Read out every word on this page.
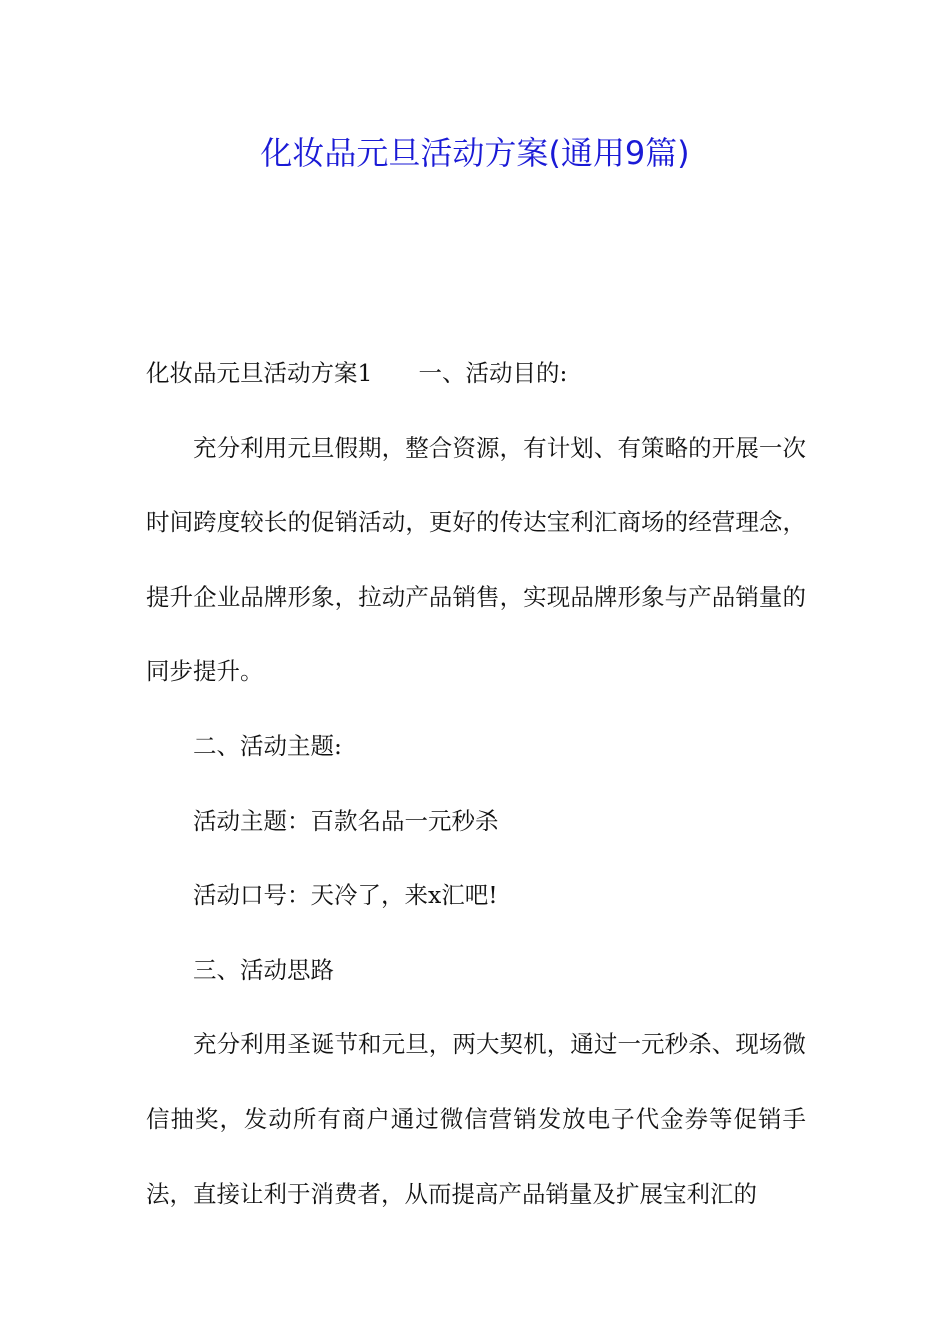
化妆品元旦活动方案(通用9篇)

化妆品元旦活动方案1 一、活动目的:

充分利用元旦假期，整合资源，有计划、有策略的开展一次时间跨度较长的促销活动，更好的传达宝利汇商场的经营理念，提升企业品牌形象，拉动产品销售，实现品牌形象与产品销量的同步提升。

二、活动主题:

活动主题：百款名品一元秒杀

活动口号：天冷了，来x汇吧!

三、活动思路

充分利用圣诞节和元旦，两大契机，通过一元秒杀、现场微信抽奖，发动所有商户通过微信营销发放电子代金券等促销手法，直接让利于消费者，从而提高产品销量及扩展宝利汇的
